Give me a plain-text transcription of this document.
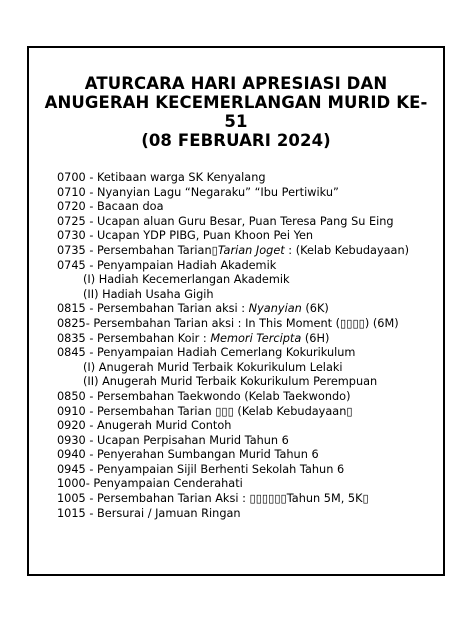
ATURCARA HARI APRESIASI DAN
ANUGERAH KECEMERLANGAN MURID KE-
51
(08 FEBRUARI 2024)
0700 - Ketibaan warga SK Kenyalang
0710 - Nyanyian Lagu “Negaraku” “Ibu Pertiwiku”
0720 - Bacaan doa
0725 - Ucapan aluan Guru Besar, Puan Teresa Pang Su Eing
0730 - Ucapan YDP PIBG, Puan Khoon Pei Yen
0735 - Persembahan Tarian▯Tarian Joget : (Kelab Kebudayaan)
0745 - Penyampaian Hadiah Akademik
(I) Hadiah Kecemerlangan Akademik
(II) Hadiah Usaha Gigih
0815 - Persembahan Tarian aksi : Nyanyian (6K)
0825- Persembahan Tarian aksi : In This Moment (▯▯▯▯) (6M)
0835 - Persembahan Koir : Memori Tercipta (6H)
0845 - Penyampaian Hadiah Cemerlang Kokurikulum
(I) Anugerah Murid Terbaik Kokurikulum Lelaki
(II) Anugerah Murid Terbaik Kokurikulum Perempuan
0850 - Persembahan Taekwondo (Kelab Taekwondo)
0910 - Persembahan Tarian ▯▯▯ (Kelab Kebudayaan▯
0920 - Anugerah Murid Contoh
0930 - Ucapan Perpisahan Murid Tahun 6
0940 - Penyerahan Sumbangan Murid Tahun 6
0945 - Penyampaian Sijil Berhenti Sekolah Tahun 6
1000- Penyampaian Cenderahati
1005 - Persembahan Tarian Aksi : ▯▯▯▯▯▯Tahun 5M, 5K▯
1015 - Bersurai / Jamuan Ringan
